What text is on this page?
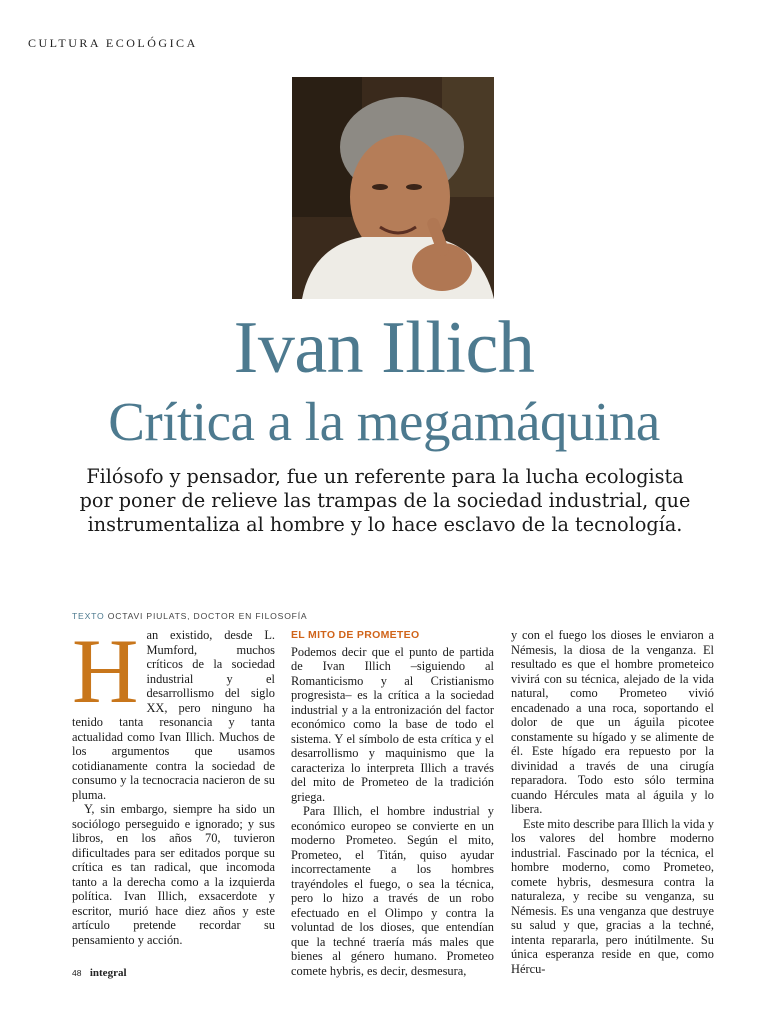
CULTURA ECOLÓGICA
Ivan Illich
Crítica a la megamáquina
Filósofo y pensador, fue un referente para la lucha ecologista por poner de relieve las trampas de la sociedad industrial, que instrumentaliza al hombre y lo hace esclavo de la tecnología.
TEXTO OCTAVI PIULATS, DOCTOR EN FILOSOFÍA

Han existido, desde L. Mumford, muchos críticos de la sociedad industrial y el desarrollismo del siglo XX, pero ninguno ha tenido tanta resonancia y tanta actualidad como Ivan Illich. Muchos de los argumentos que usamos cotidianamente contra la sociedad de consumo y la tecnocracia nacieron de su pluma.

Y, sin embargo, siempre ha sido un sociólogo perseguido e ignorado; y sus libros, en los años 70, tuvieron dificultades para ser editados porque su crítica es tan radical, que incomoda tanto a la derecha como a la izquierda política. Ivan Illich, exsacerdote y escritor, murió hace diez años y este artículo pretende recordar su pensamiento y acción.

EL MITO DE PROMETEO

Podemos decir que el punto de partida de Ivan Illich –siguiendo al Romanticismo y al Cristianismo progresista– es la crítica a la sociedad industrial y a la entronización del factor económico como la base de todo el sistema. Y el símbolo de esta crítica y el desarrollismo y maquinismo que la caracteriza lo interpreta Illich a través del mito de Prometeo de la tradición griega.

Para Illich, el hombre industrial y económico europeo se convierte en un moderno Prometeo. Según el mito, Prometeo, el Titán, quiso ayudar incorrectamente a los hombres trayéndoles el fuego, o sea la técnica, pero lo hizo a través de un robo efectuado en el Olimpo y contra la voluntad de los dioses, que entendían que la techné traería más males que bienes al género humano. Prometeo comete hybris, es decir, desmesura,

y con el fuego los dioses le enviaron a Némesis, la diosa de la venganza. El resultado es que el hombre prometeico vivirá con su técnica, alejado de la vida natural, como Prometeo vivió encadenado a una roca, soportando el dolor de que un águila picotee constamente su hígado y se alimente de él. Este hígado era repuesto por la divinidad a través de una cirugía reparadora. Todo esto sólo termina cuando Hércules mata al águila y lo libera.

Este mito describe para Illich la vida y los valores del hombre moderno industrial. Fascinado por la técnica, el hombre moderno, como Prometeo, comete hybris, desmesura contra la naturaleza, y recibe su venganza, su Némesis. Es una venganza que destruye su salud y que, gracias a la techné, intenta repararla, pero inútilmente. Su única esperanza reside en que, como Hércu-

48 integral
